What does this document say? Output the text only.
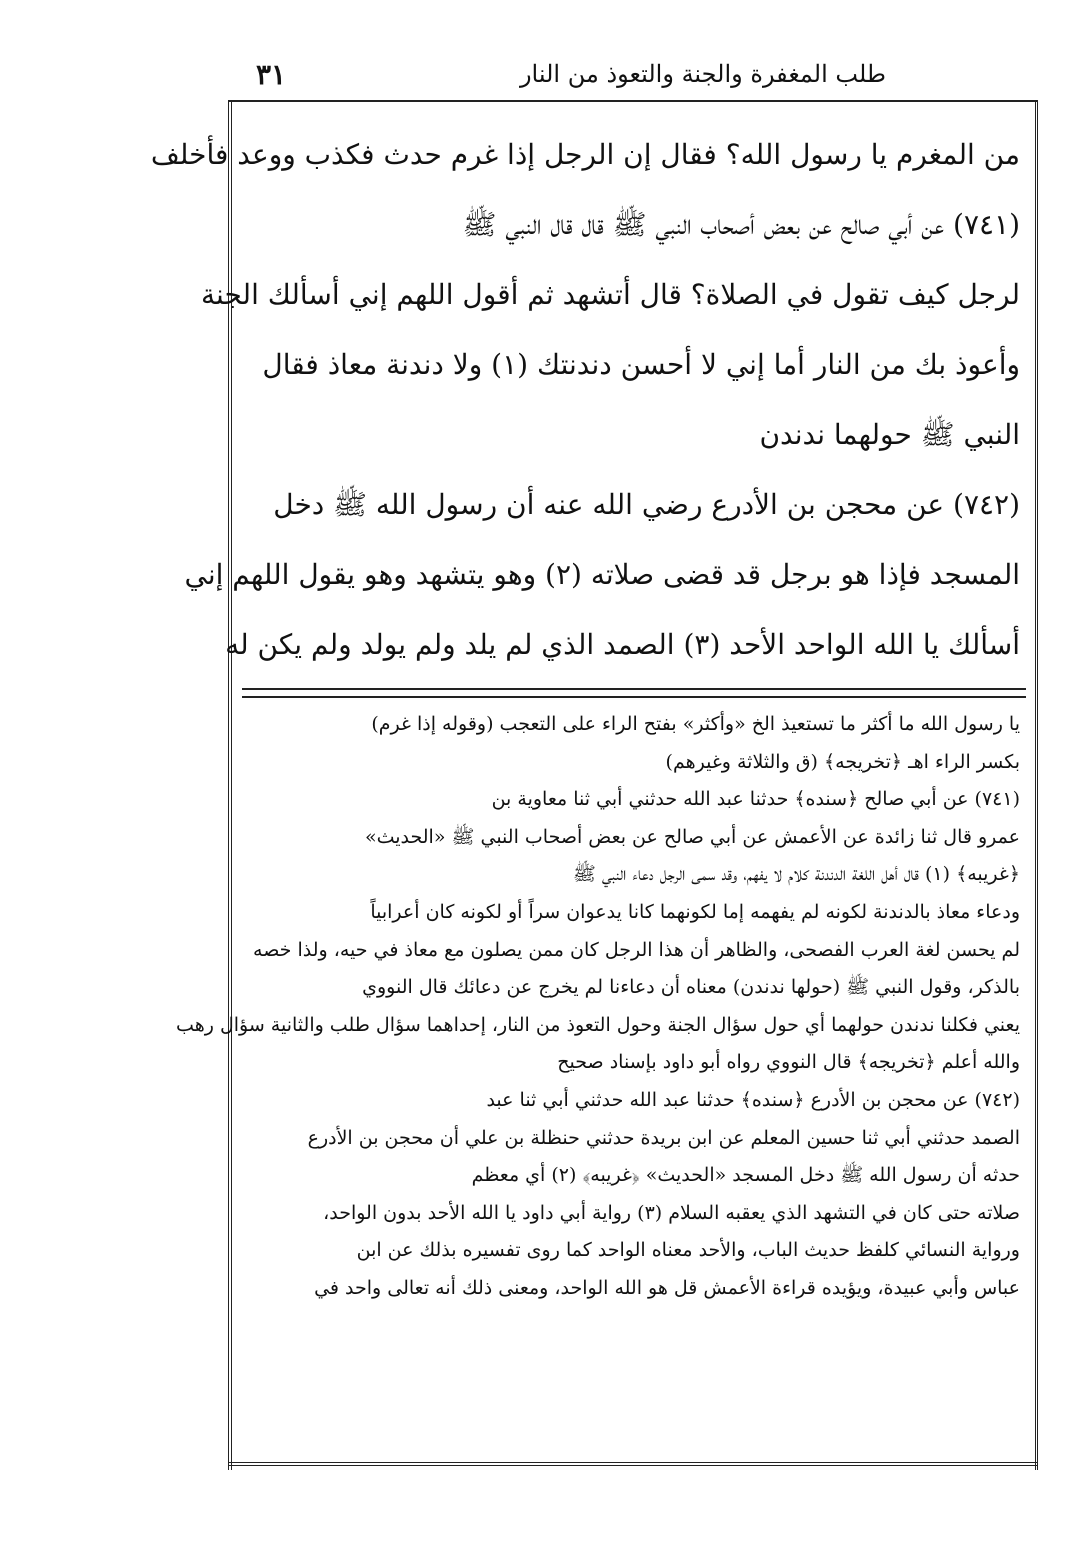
٣١	طلب المغفرة والجنة والتعوذ من النار
من المغرم يا رسول الله؟ فقال إن الرجل إذا غرم حدث فكذب ووعد فأخلف
(٧٤١) عن أبي صالح عن بعض أصحاب النبي ﷺ قال قال النبي ﷺ
لرجل كيف تقول في الصلاة؟ قال أتشهد ثم أقول اللهم إني أسألك الجنة
وأعوذ بك من النار أما إني لا أحسن دندنتك (١) ولا دندنة معاذ فقال
النبي ﷺ حولهما ندندن
(٧٤٢) عن محجن بن الأدرع رضي الله عنه أن رسول الله ﷺ دخل
المسجد فإذا هو برجل قد قضى صلاته (٢) وهو يتشهد وهو يقول اللهم إني
أسألك يا الله الواحد الأحد (٣) الصمد الذي لم يلد ولم يولد ولم يكن له
يا رسول الله ما أكثر ما تستعيذ الخ «وأكثر» بفتح الراء على التعجب (وقوله إذا غرم)
بكسر الراء اهـ ﴿تخريجه﴾ (ق والثلاثة وغيرهم)
(٧٤١) عن أبي صالح ﴿سنده﴾ حدثنا عبد الله حدثني أبي ثنا معاوية بن
عمرو قال ثنا زائدة عن الأعمش عن أبي صالح عن بعض أصحاب النبي ﷺ «الحديث»
﴿غريبه﴾ (١) قال أهل اللغة الدندنة كلام لا يفهم، وقد سمى الرجل دعاء النبي ﷺ
ودعاء معاذ بالدندنة لكونه لم يفهمه إما لكونهما كانا يدعوان سراً أو لكونه كان أعرابياً
لم يحسن لغة العرب الفصحى، والظاهر أن هذا الرجل كان ممن يصلون مع معاذ في حيه، ولذا خصه
بالذكر، وقول النبي ﷺ (حولها ندندن) معناه أن دعاءنا لم يخرج عن دعائك قال النووي
يعني فكلنا ندندن حولهما أي حول سؤال الجنة وحول التعوذ من النار، إحداهما سؤال طلب والثانية سؤال رهب
والله أعلم ﴿تخريجه﴾ قال النووي رواه أبو داود بإسناد صحيح
(٧٤٢) عن محجن بن الأدرع ﴿سنده﴾ حدثنا عبد الله حدثني أبي ثنا عبد
الصمد حدثني أبي ثنا حسين المعلم عن ابن بريدة حدثني حنظلة بن علي أن محجن بن الأدرع
حدثه أن رسول الله ﷺ دخل المسجد «الحديث» ﴿غريبه﴾ (٢) أي معظم
صلاته حتى كان في التشهد الذي يعقبه السلام (٣) رواية أبي داود يا الله الأحد بدون الواحد،
ورواية النسائي كلفظ حديث الباب، والأحد معناه الواحد كما روى تفسيره بذلك عن ابن
عباس وأبي عبيدة، ويؤيده قراءة الأعمش قل هو الله الواحد، ومعنى ذلك أنه تعالى واحد في
